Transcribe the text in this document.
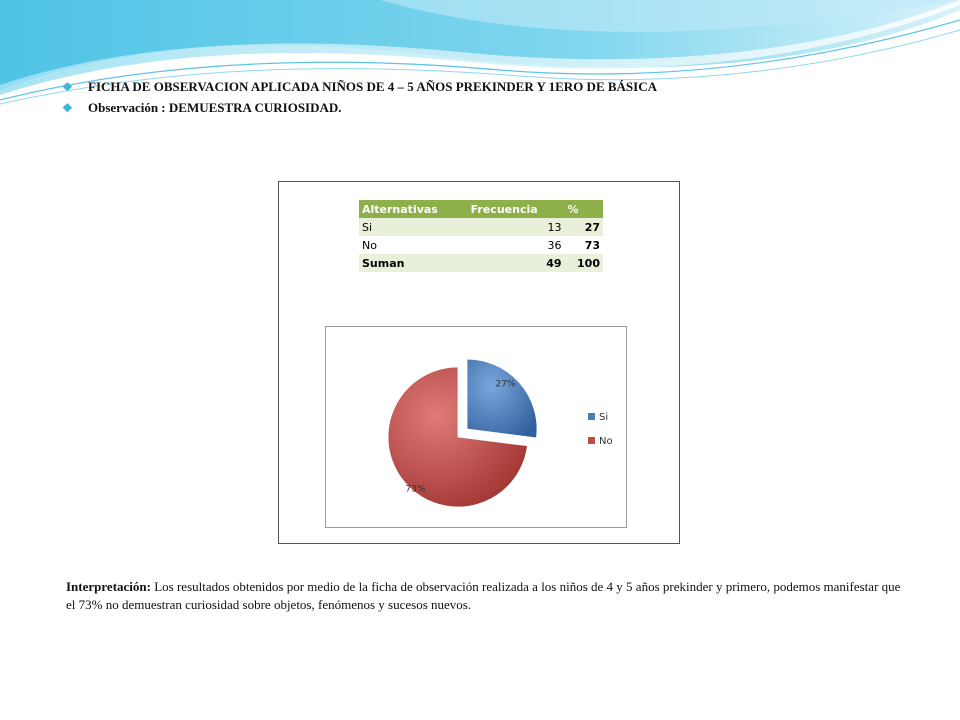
❖ FICHA DE OBSERVACION APLICADA NIÑOS DE 4 – 5 AÑOS PREKINDER Y 1ERO DE BÁSICA
❖ Observación : DEMUESTRA CURIOSIDAD.
Alternativas	Frecuencia	%
Si	13	27
No	36	73
Suman	49	100
27%
73%
Si
No
Interpretación: Los resultados obtenidos por medio de la ficha de observación realizada a los niños de 4 y 5 años prekinder y primero, podemos manifestar que el 73% no demuestran curiosidad sobre objetos, fenómenos y sucesos nuevos.
